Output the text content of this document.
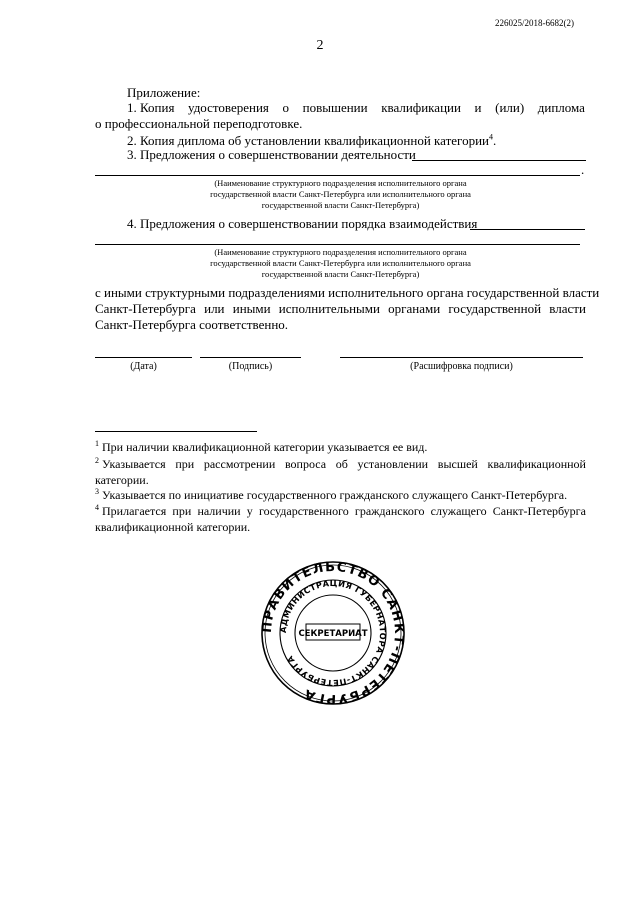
226025/2018-6682(2)
2
Приложение:
1. Копия удостоверения о повышении квалификации и (или) диплома
о профессиональной переподготовке.
2. Копия диплома об установлении квалификационной категории$^4$.
3. Предложения о совершенствовании деятельности
.
(Наименование структурного подразделения исполнительного органа
государственной власти Санкт-Петербурга или исполнительного органа
государственной власти Санкт-Петербурга)
4. Предложения о совершенствовании порядка взаимодействия
(Наименование структурного подразделения исполнительного органа
государственной власти Санкт-Петербурга или исполнительного органа
государственной власти Санкт-Петербурга)
с иными структурными подразделениями исполнительного органа государственной власти
Санкт-Петербурга или иными исполнительными органами государственной власти
Санкт-Петербурга соответственно.
(Дата)	(Подпись)	(Расшифровка подписи)
$^1$ При наличии квалификационной категории указывается ее вид.
$^2$ Указывается при рассмотрении вопроса об установлении высшей квалификационной
категории.
$^3$ Указывается по инициативе государственного гражданского служащего Санкт-Петербурга.
$^4$ Прилагается при наличии у государственного гражданского служащего Санкт-Петербурга
квалификационной категории.
ПРАВИТЕЛЬСТВО САНКТ-ПЕТЕРБУРГА
АДМИНИСТРАЦИЯ ГУБЕРНАТОРА САНКТ-ПЕТЕРБУРГА
СЕКРЕТАРИАТ
